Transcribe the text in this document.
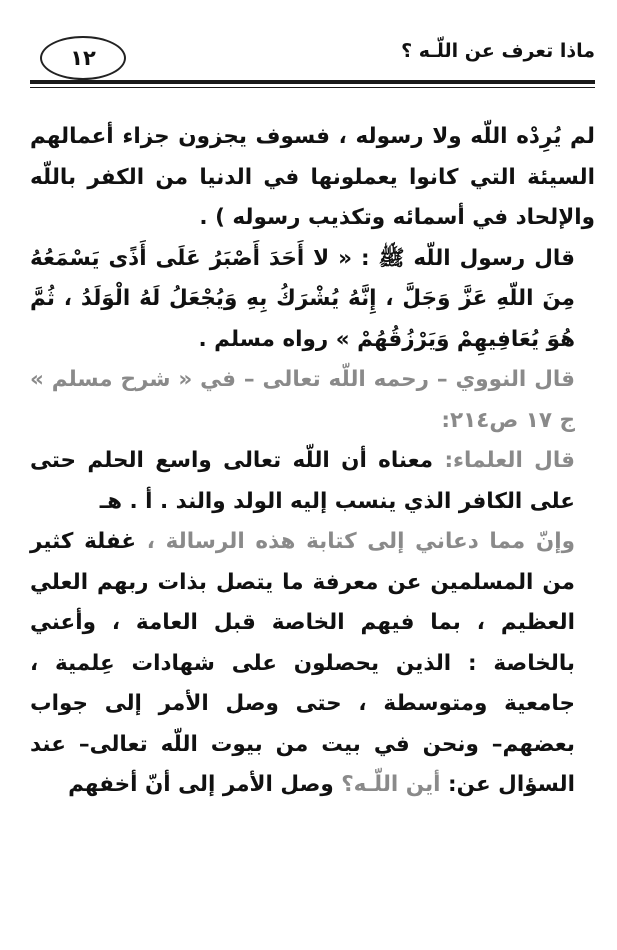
١٢	ماذا تعرف عن اللّـه ؟

لم يُرِدْه اللّه ولا رسوله ، فسوف يجزون جزاء أعمالهم السيئة التي كانوا يعملونها في الدنيا من الكفر باللّه والإلحاد في أسمائه وتكذيب رسوله ) .

قال رسول اللّه ﷺ : « لا أَحَدَ أَصْبَرُ عَلَى أَذًى يَسْمَعُهُ مِنَ اللّهِ عَزَّ وَجَلَّ ، إِنَّهُ يُشْرَكُ بِهِ وَيُجْعَلُ لَهُ الْوَلَدُ ، ثُمَّ هُوَ يُعَافِيهِمْ وَيَرْزُقُهُمْ » رواه مسلم .

قال النووي – رحمه اللّه تعالى – في « شرح مسلم » ج ١٧ ص٢١٤:

قال العلماء: معناه أن اللّه تعالى واسع الحلم حتى على الكافر الذي ينسب إليه الولد والند . أ . هـ

وإنّ مما دعاني إلى كتابة هذه الرسالة ، غفلة كثير من المسلمين عن معرفة ما يتصل بذات ربهم العلي العظيم ، بما فيهم الخاصة قبل العامة ، وأعني بالخاصة : الذين يحصلون على شهادات عِلمية ، جامعية ومتوسطة ، حتى وصل الأمر إلى جواب بعضهم– ونحن في بيت من بيوت اللّه تعالى– عند السؤال عن: أين اللّـه؟ وصل الأمر إلى أنّ أخفهم
